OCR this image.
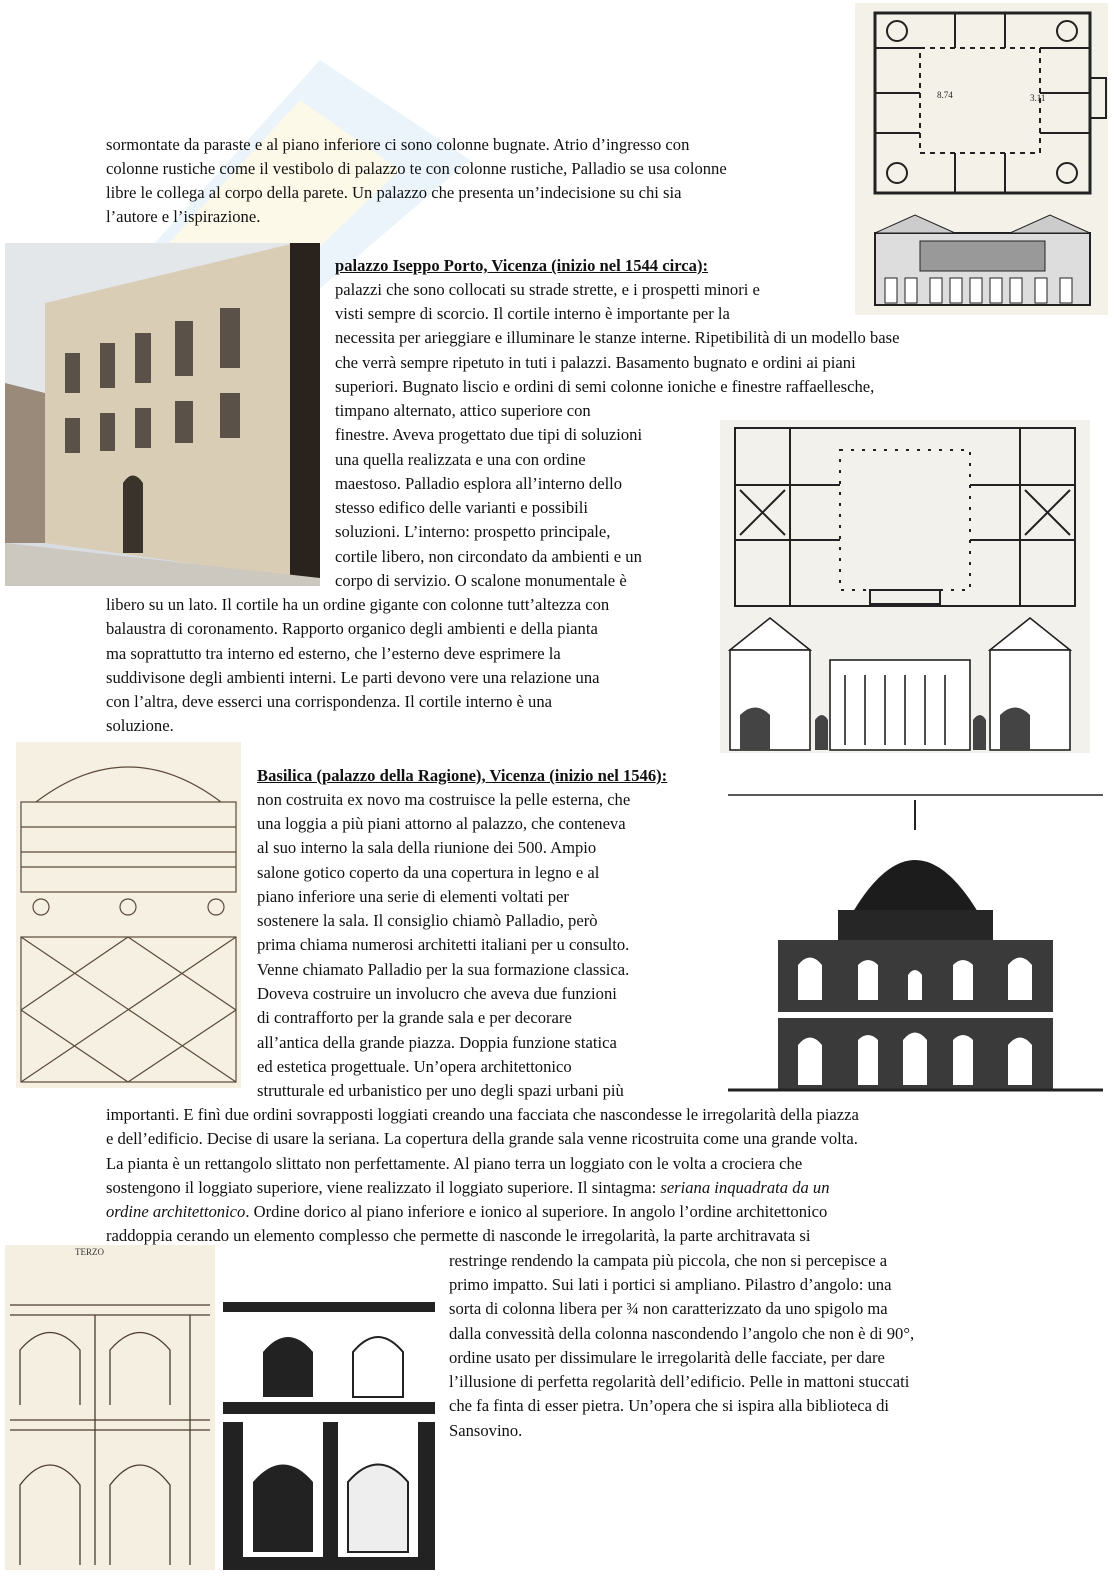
sormontate da paraste e al piano inferiore ci sono colonne bugnate. Atrio d’ingresso con
colonne rustiche come il vestibolo di palazzo te con colonne rustiche, Palladio se usa colonne
libre le collega al corpo della parete. Un palazzo che presenta un’indecisione su chi sia
l’autore e l’ispirazione.
8.74	3.11
palazzo Iseppo Porto, Vicenza (inizio nel 1544 circa):
palazzi che sono collocati su strade strette, e i prospetti minori e
visti sempre di scorcio. Il cortile interno è importante per la
necessita per arieggiare e illuminare le stanze interne. Ripetibilità di un modello base
che verrà sempre ripetuto in tuti i palazzi. Basamento bugnato e ordini ai piani
superiori. Bugnato liscio e ordini di semi colonne ioniche e finestre raffaellesche,
timpano alternato, attico superiore con
finestre. Aveva progettato due tipi di soluzioni
una quella realizzata e una con ordine
maestoso. Palladio esplora all’interno dello
stesso edifico delle varianti e possibili
soluzioni. L’interno: prospetto principale,
cortile libero, non circondato da ambienti e un
corpo di servizio. O scalone monumentale è
libero su un lato. Il cortile ha un ordine gigante con colonne tutt’altezza con
balaustra di coronamento. Rapporto organico degli ambienti e della pianta
ma soprattutto tra interno ed esterno, che l’esterno deve esprimere la
suddivisone degli ambienti interni. Le parti devono vere una relazione una
con l’altra, deve esserci una corrispondenza. Il cortile interno è una
soluzione.
Basilica (palazzo della Ragione), Vicenza (inizio nel 1546):
non costruita ex novo ma costruisce la pelle esterna, che
una loggia a più piani attorno al palazzo, che conteneva
al suo interno la sala della riunione dei 500. Ampio
salone gotico coperto da una copertura in legno e al
piano inferiore una serie di elementi voltati per
sostenere la sala. Il consiglio chiamò Palladio, però
prima chiama numerosi architetti italiani per u consulto.
Venne chiamato Palladio per la sua formazione classica.
Doveva costruire un involucro che aveva due funzioni
di contrafforto per la grande sala e per decorare
all’antica della grande piazza. Doppia funzione statica
ed estetica progettuale. Un’opera architettonico
strutturale ed urbanistico per uno degli spazi urbani più
importanti. E finì due ordini sovrapposti loggiati creando una facciata che nascondesse le irregolarità della piazza
e dell’edificio. Decise di usare la seriana. La copertura della grande sala venne ricostruita come una grande volta.
La pianta è un rettangolo slittato non perfettamente. Al piano terra un loggiato con le volta a crociera che
sostengono il loggiato superiore, viene realizzato il loggiato superiore. Il sintagma: seriana inquadrata da un
ordine architettonico. Ordine dorico al piano inferiore e ionico al superiore. In angolo l’ordine architettonico
raddoppia cerando un elemento complesso che permette di nasconde le irregolarità, la parte architravata si
TERZO	restringe rendendo la campata più piccola, che non si percepisce a
primo impatto. Sui lati i portici si ampliano. Pilastro d’angolo: una
sorta di colonna libera per ¾ non caratterizzato da uno spigolo ma
dalla convessità della colonna nascondendo l’angolo che non è di 90°,
ordine usato per dissimulare le irregolarità delle facciate, per dare
l’illusione di perfetta regolarità dell’edificio. Pelle in mattoni stuccati
che fa finta di esser pietra. Un’opera che si ispira alla biblioteca di
Sansovino.
